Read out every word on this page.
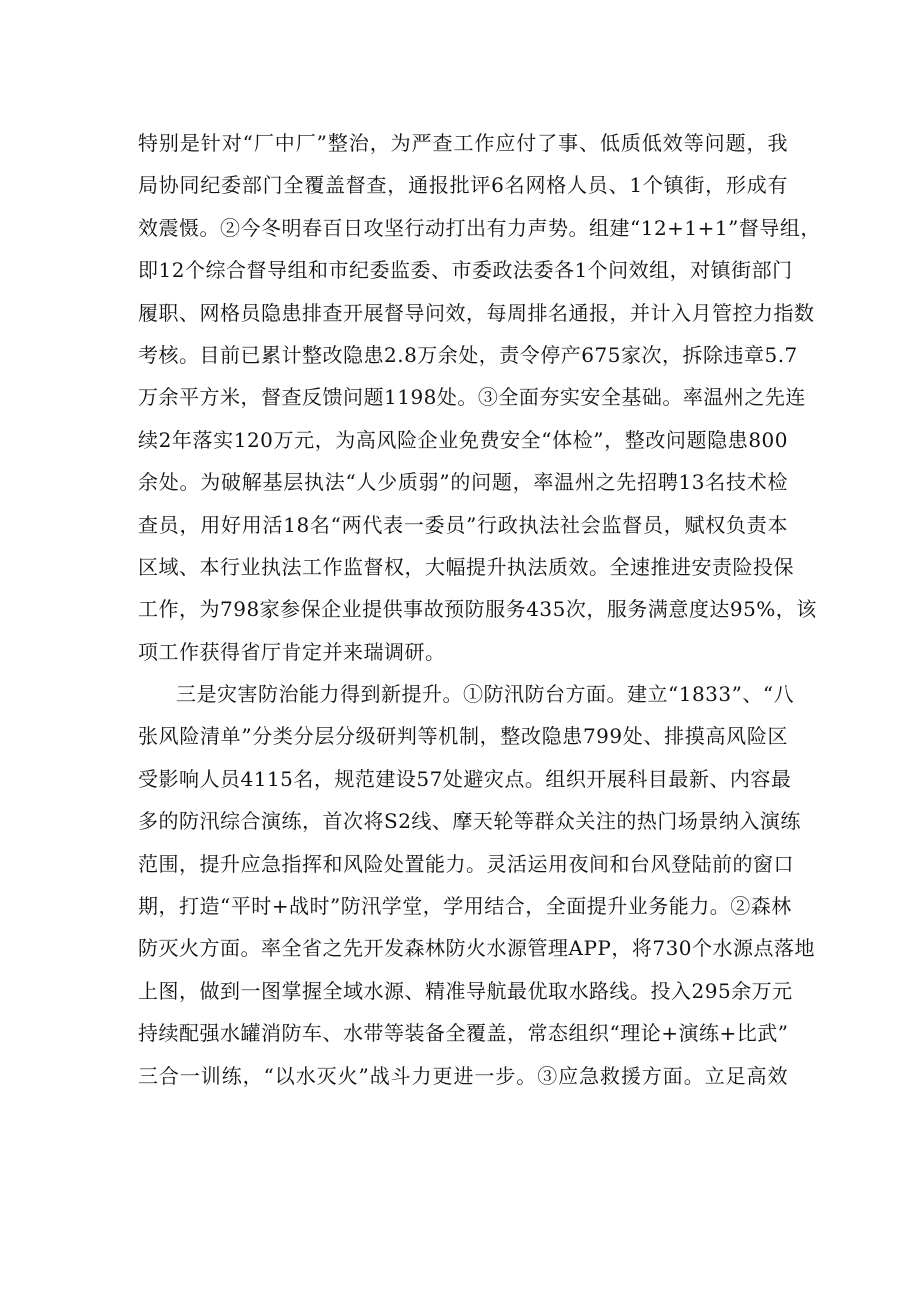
特别是针对“厂中厂”整治，为严查工作应付了事、低质低效等问题，我
局协同纪委部门全覆盖督查，通报批评6名网格人员、1个镇街，形成有
效震慑。②今冬明春百日攻坚行动打出有力声势。组建“12+1+1”督导组，
即12个综合督导组和市纪委监委、市委政法委各1个问效组，对镇街部门
履职、网格员隐患排查开展督导问效，每周排名通报，并计入月管控力指数
考核。目前已累计整改隐患2.8万余处，责令停产675家次，拆除违章5.7
万余平方米，督查反馈问题1198处。③全面夯实安全基础。率温州之先连
续2年落实120万元，为高风险企业免费安全“体检”，整改问题隐患800
余处。为破解基层执法“人少质弱”的问题，率温州之先招聘13名技术检
查员，用好用活18名“两代表一委员”行政执法社会监督员，赋权负责本
区域、本行业执法工作监督权，大幅提升执法质效。全速推进安责险投保
工作，为798家参保企业提供事故预防服务435次，服务满意度达95%，该
项工作获得省厅肯定并来瑞调研。
三是灾害防治能力得到新提升。①防汛防台方面。建立“1833”、“八
张风险清单”分类分层分级研判等机制，整改隐患799处、排摸高风险区
受影响人员4115名，规范建设57处避灾点。组织开展科目最新、内容最
多的防汛综合演练，首次将S2线、摩天轮等群众关注的热门场景纳入演练
范围，提升应急指挥和风险处置能力。灵活运用夜间和台风登陆前的窗口
期，打造“平时+战时”防汛学堂，学用结合，全面提升业务能力。②森林
防灭火方面。率全省之先开发森林防火水源管理APP，将730个水源点落地
上图，做到一图掌握全域水源、精准导航最优取水路线。投入295余万元
持续配强水罐消防车、水带等装备全覆盖，常态组织“理论+演练+比武”
三合一训练，“以水灭火”战斗力更进一步。③应急救援方面。立足高效
